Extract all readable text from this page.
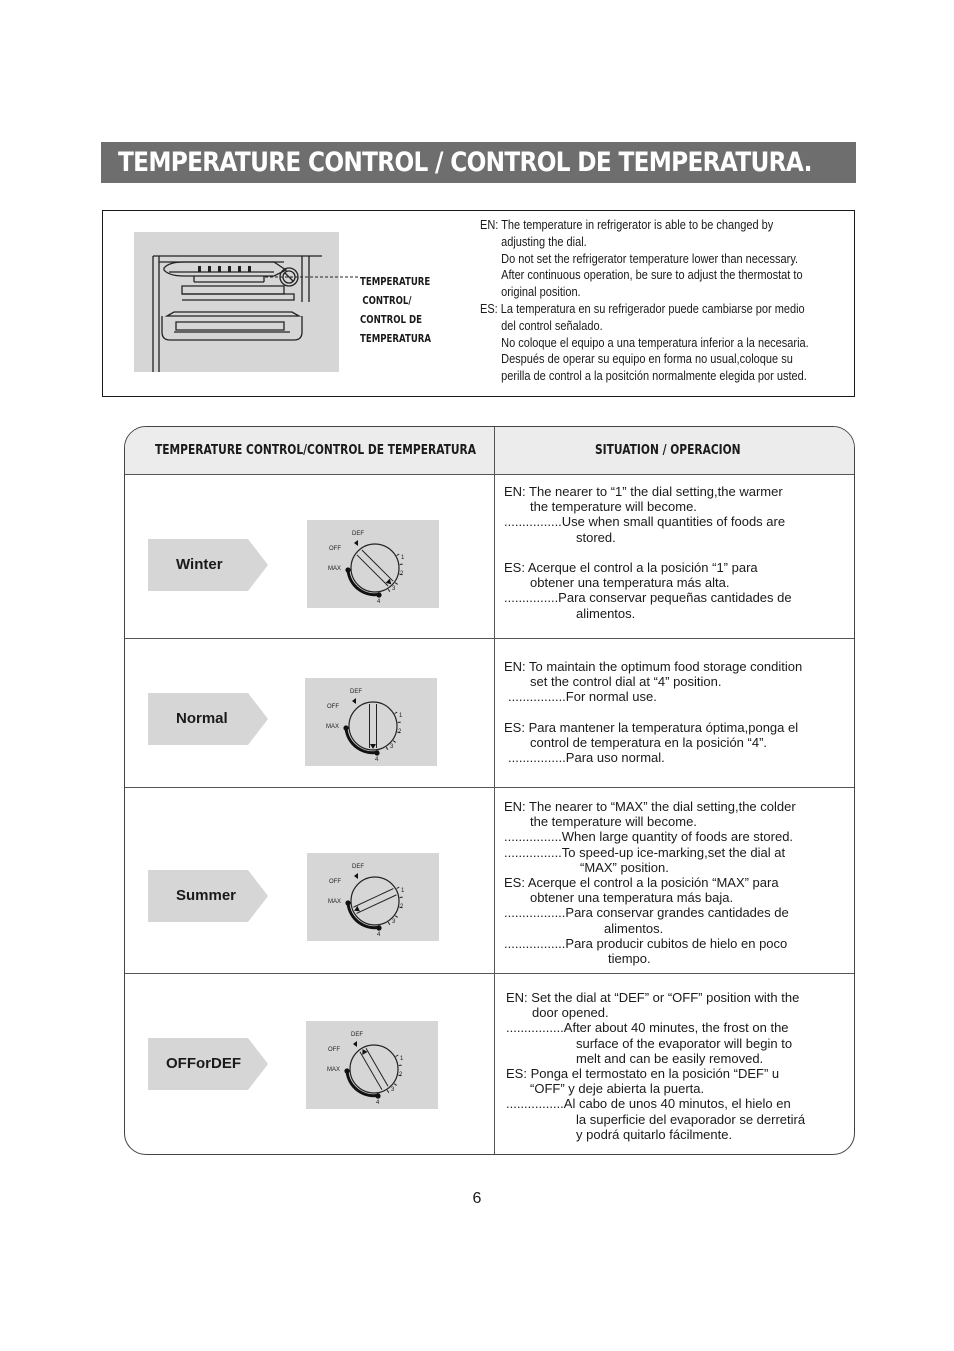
TEMPERATURE CONTROL / CONTROL DE TEMPERATURA.
TEMPERATURE
CONTROL/
CONTROL DE
TEMPERATURA
EN: The temperature in refrigerator is able to be changed by
adjusting the dial.
Do not set the refrigerator temperature lower than necessary.
After continuous operation, be sure to adjust the thermostat to
original position.
ES: La temperatura en su refrigerador puede cambiarse por medio
del control señalado.
No coloque el equipo a una temperatura inferior a la necesaria.
Después de operar su equipo en forma no usual,coloque su
perilla de control a la positción normalmente elegida por usted.
TEMPERATURE CONTROL/CONTROL DE TEMPERATURA	SITUATION / OPERACION
Winter
DEF
OFF
MAX
1
2
3
4
EN: The nearer to “1” the dial setting,the warmer
the temperature will become.
................Use when small quantities of foods are
stored.
ES: Acerque el control a la posición “1” para
obtener una temperatura más alta.
...............Para conservar pequeñas cantidades de
alimentos.
Normal
DEF
OFF
MAX
1
2
3
4
EN: To maintain the optimum food storage condition
set the control dial at “4” position.
................For normal use.
ES: Para mantener la temperatura óptima,ponga el
control de temperatura en la posición “4”.
................Para uso normal.
Summer
DEF
OFF
MAX
1
2
3
4
EN: The nearer to “MAX” the dial setting,the colder
the temperature will become.
................When large quantity of foods are stored.
................To speed-up ice-marking,set the dial at
“MAX” position.
ES: Acerque el control a la posición “MAX” para
obtener una temperatura más baja.
.................Para conservar grandes cantidades de
alimentos.
.................Para producir cubitos de hielo en poco
tiempo.
OFForDEF
DEF
OFF
MAX
1
2
3
4
EN: Set the dial at “DEF” or “OFF” position with the
door opened.
................After about 40 minutes, the frost on the
surface of the evaporator will begin to
melt and can be easily removed.
ES: Ponga el termostato en la posición “DEF” u
“OFF” y deje abierta la puerta.
................Al cabo de unos 40 minutos, el hielo en
la superficie del evaporador se derretirá
y podrá quitarlo fácilmente.
6
